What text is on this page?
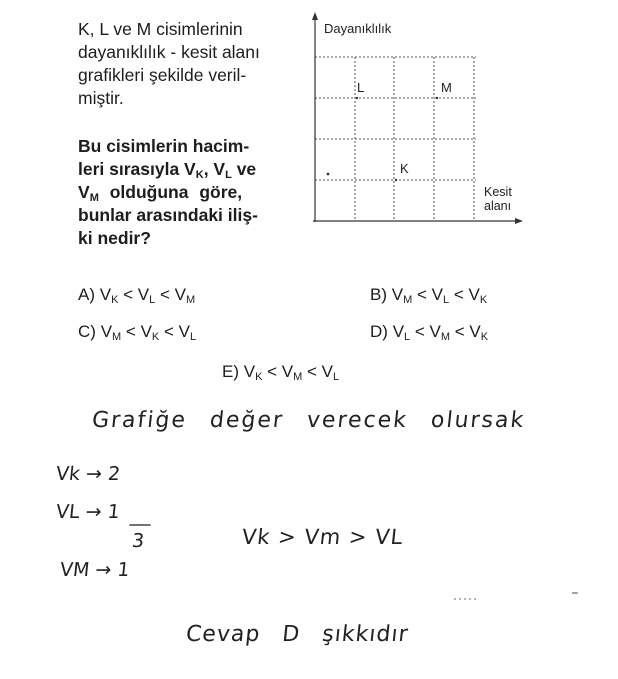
K, L ve M cisimlerinin

dayanıklılık - kesit alanı

grafikleri şekilde veril-

miştir.

Bu cisimlerin hacim-

leri sırasıyla $V_K$, $V_L$ ve

$V_M$ olduğuna göre,

bunlar arasındaki iliş-

ki nedir?

Dayanıklılık
L	M
K
Kesit
alanı
A) $V_K < V_L < V_M$	B) $V_M < V_L < V_K$
C) $V_M < V_K < V_L$	D) $V_L < V_M < V_K$
E) $V_K < V_M < V_L$
Grafiğe değer verecek olursak
Vk → 2
VL → 1
3
VM → 1
Vk > Vm > VL
Cevap D şıkkıdır
